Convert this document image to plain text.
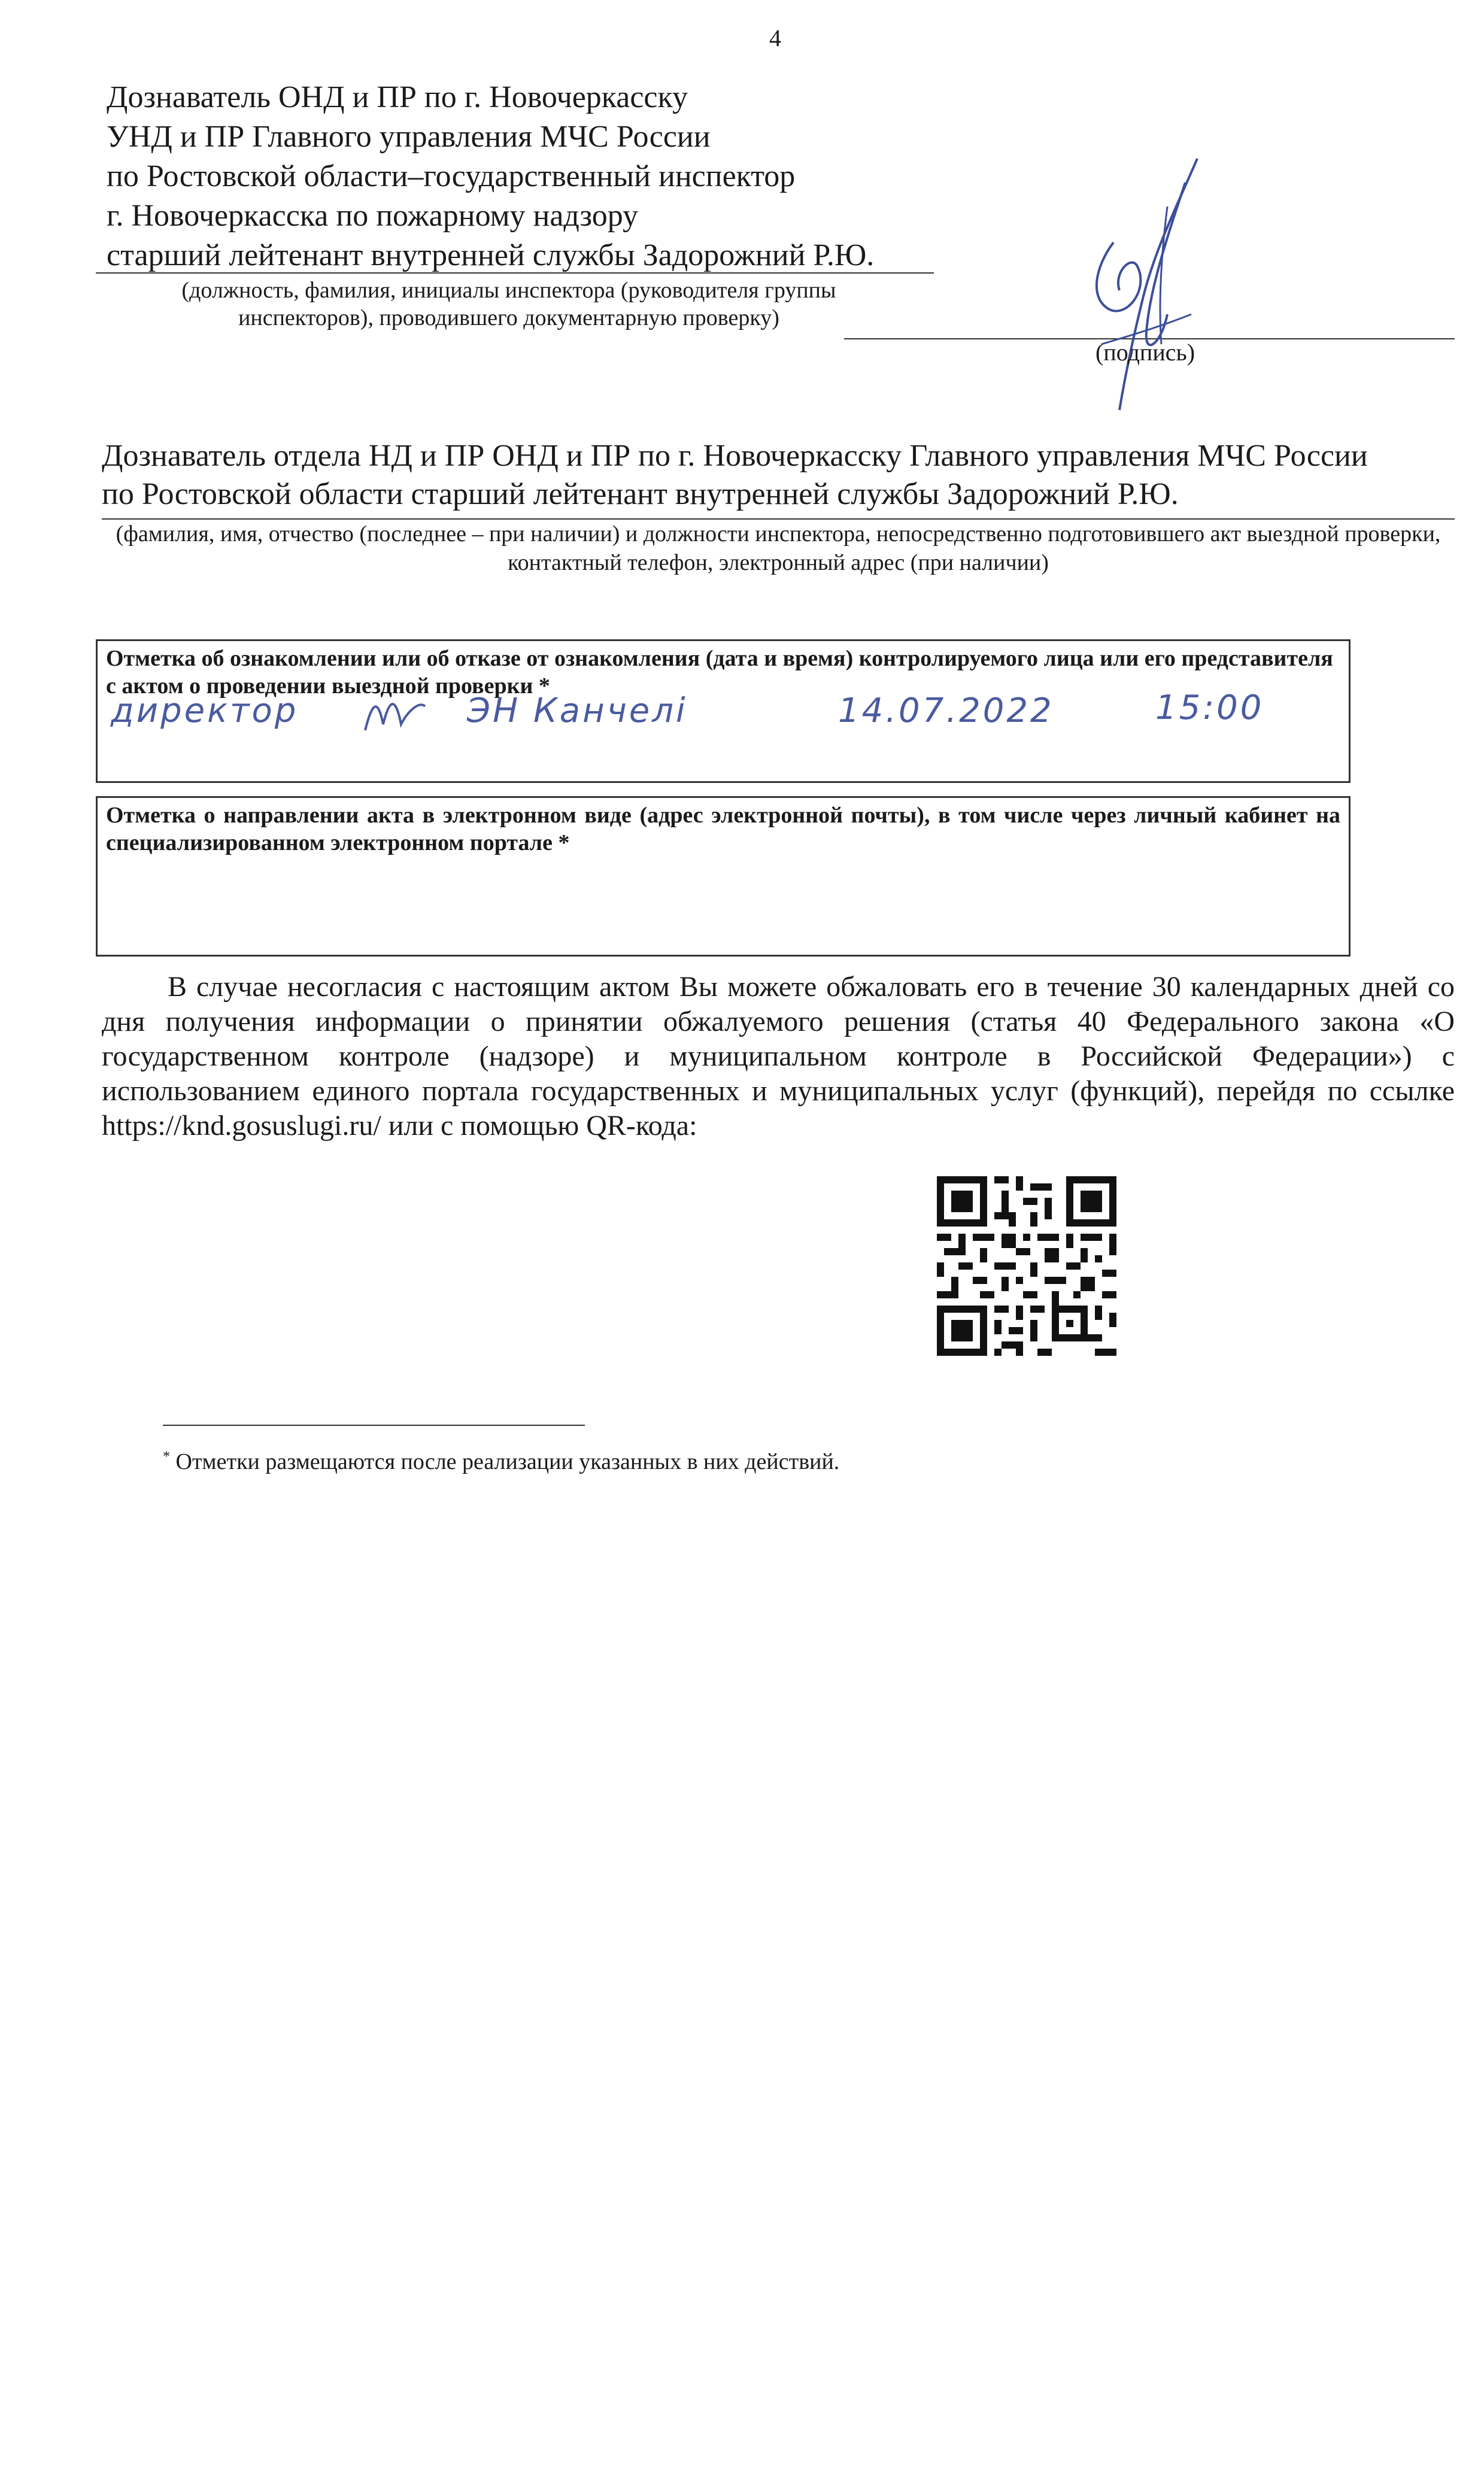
4
Дознаватель ОНД и ПР по г. Новочеркасску
УНД и ПР Главного управления МЧС России
по Ростовской области–государственный инспектор
г. Новочеркасска по пожарному надзору
старший лейтенант внутренней службы Задорожний Р.Ю.
(должность, фамилия, инициалы инспектора (руководителя группы инспекторов), проводившего документарную проверку)
(подпись)
Дознаватель отдела НД и ПР ОНД и ПР по г. Новочеркасску Главного управления МЧС России
по Ростовской области старший лейтенант внутренней службы Задорожний Р.Ю.
(фамилия, имя, отчество (последнее – при наличии) и должности инспектора, непосредственно подготовившего акт выездной проверки, контактный телефон, электронный адрес (при наличии)
Отметка об ознакомлении или об отказе от ознакомления (дата и время) контролируемого лица или его представителя с актом о проведении выездной проверки *
директор	ЭН Канчелі	14.07.2022	15:00
Отметка о направлении акта в электронном виде (адрес электронной почты), в том числе через личный кабинет на специализированном электронном портале *
В случае несогласия с настоящим актом Вы можете обжаловать его в течение 30 календарных дней со дня получения информации о принятии обжалуемого решения (статья 40 Федерального закона «О государственном контроле (надзоре) и муниципальном контроле в Российской Федерации») с использованием единого портала государственных и муниципальных услуг (функций), перейдя по ссылке https://knd.gosuslugi.ru/ или с помощью QR-кода:
* Отметки размещаются после реализации указанных в них действий.
